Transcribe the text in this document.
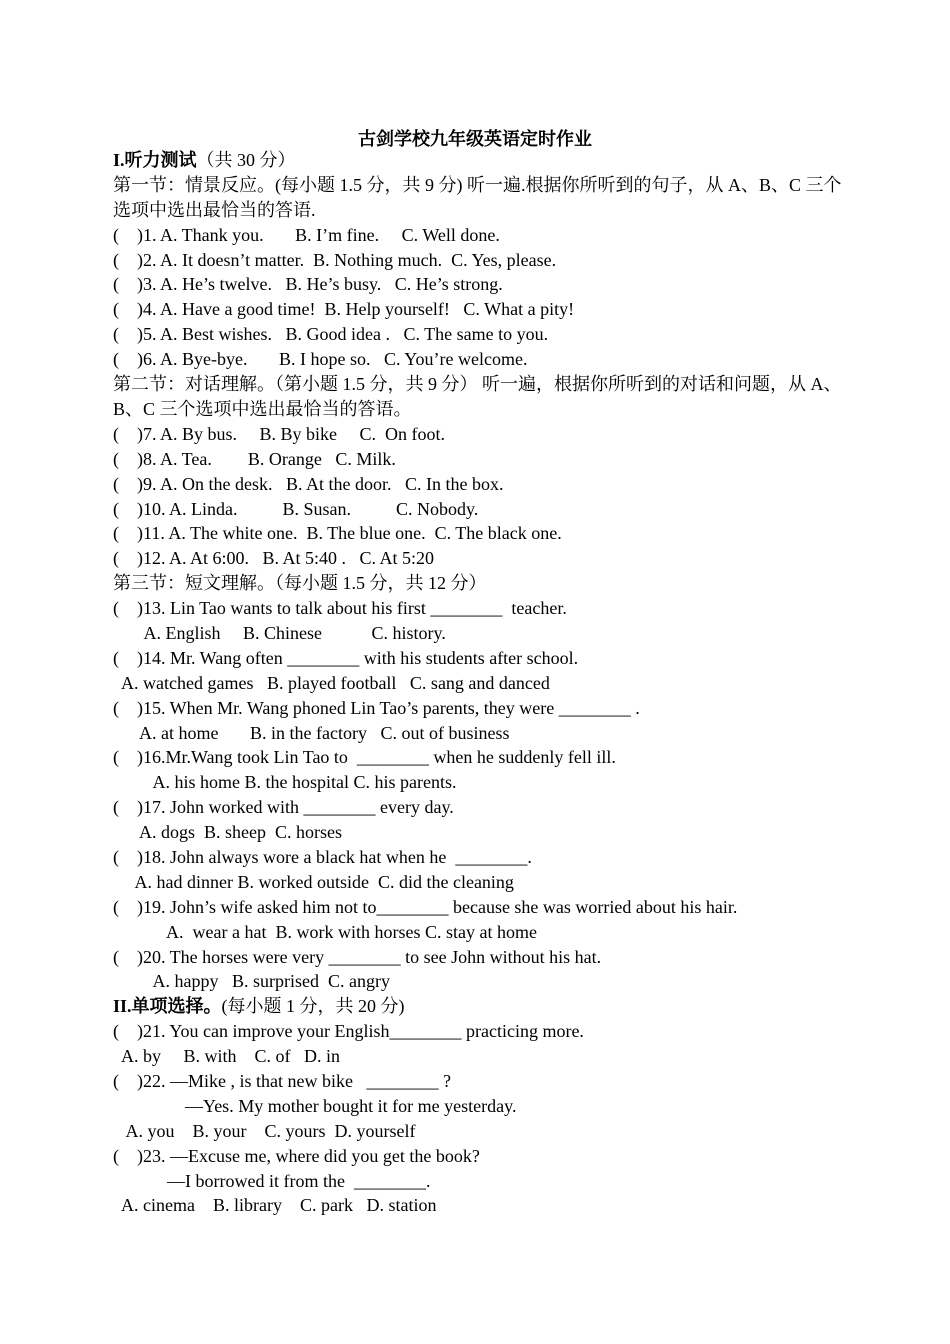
古剑学校九年级英语定时作业
I.听力测试（共 30 分）
第一节：情景反应。(每小题 1.5 分，共 9 分) 听一遍.根据你所听到的句子，从 A、B、C 三个选项中选出最恰当的答语.
(    )1. A. Thank you.       B. I’m fine.     C. Well done.
(    )2. A. It doesn’t matter.  B. Nothing much.  C. Yes, please.
(    )3. A. He’s twelve.   B. He’s busy.   C. He’s strong.
(    )4. A. Have a good time!  B. Help yourself!   C. What a pity!
(    )5. A. Best wishes.   B. Good idea .   C. The same to you.
(    )6. A. Bye-bye.       B. I hope so.   C. You’re welcome.
第二节：对话理解。（第小题 1.5 分，共 9 分） 听一遍，根据你所听到的对话和问题，从 A、B、C 三个选项中选出最恰当的答语。
(    )7. A. By bus.     B. By bike     C.  On foot.
(    )8. A. Tea.        B. Orange   C. Milk.
(    )9. A. On the desk.   B. At the door.   C. In the box.
(    )10. A. Linda.          B. Susan.          C. Nobody.
(    )11. A. The white one.  B. The blue one.  C. The black one.
(    )12. A. At 6:00.   B. At 5:40 .   C. At 5:20
第三节：短文理解。（每小题 1.5 分，共 12 分）
(    )13. Lin Tao wants to talk about his first ________  teacher.
A. English     B. Chinese           C. history.
(    )14. Mr. Wang often ________ with his students after school.
A. watched games   B. played football   C. sang and danced
(    )15. When Mr. Wang phoned Lin Tao’s parents, they were ________ .
A. at home       B. in the factory   C. out of business
(    )16.Mr.Wang took Lin Tao to  ________ when he suddenly fell ill.
A. his home B. the hospital C. his parents.
(    )17. John worked with ________ every day.
A. dogs  B. sheep  C. horses
(    )18. John always wore a black hat when he  ________.
A. had dinner B. worked outside  C. did the cleaning
(    )19. John’s wife asked him not to________ because she was worried about his hair.
A.  wear a hat  B. work with horses C. stay at home
(    )20. The horses were very ________ to see John without his hat.
A. happy   B. surprised  C. angry
II.单项选择。(每小题 1 分，共 20 分)
(    )21. You can improve your English________ practicing more.
A. by     B. with    C. of   D. in
(    )22. —Mike , is that new bike   ________ ?
—Yes. My mother bought it for me yesterday.
A. you    B. your    C. yours  D. yourself
(    )23. —Excuse me, where did you get the book?
—I borrowed it from the  ________.
A. cinema    B. library    C. park   D. station
